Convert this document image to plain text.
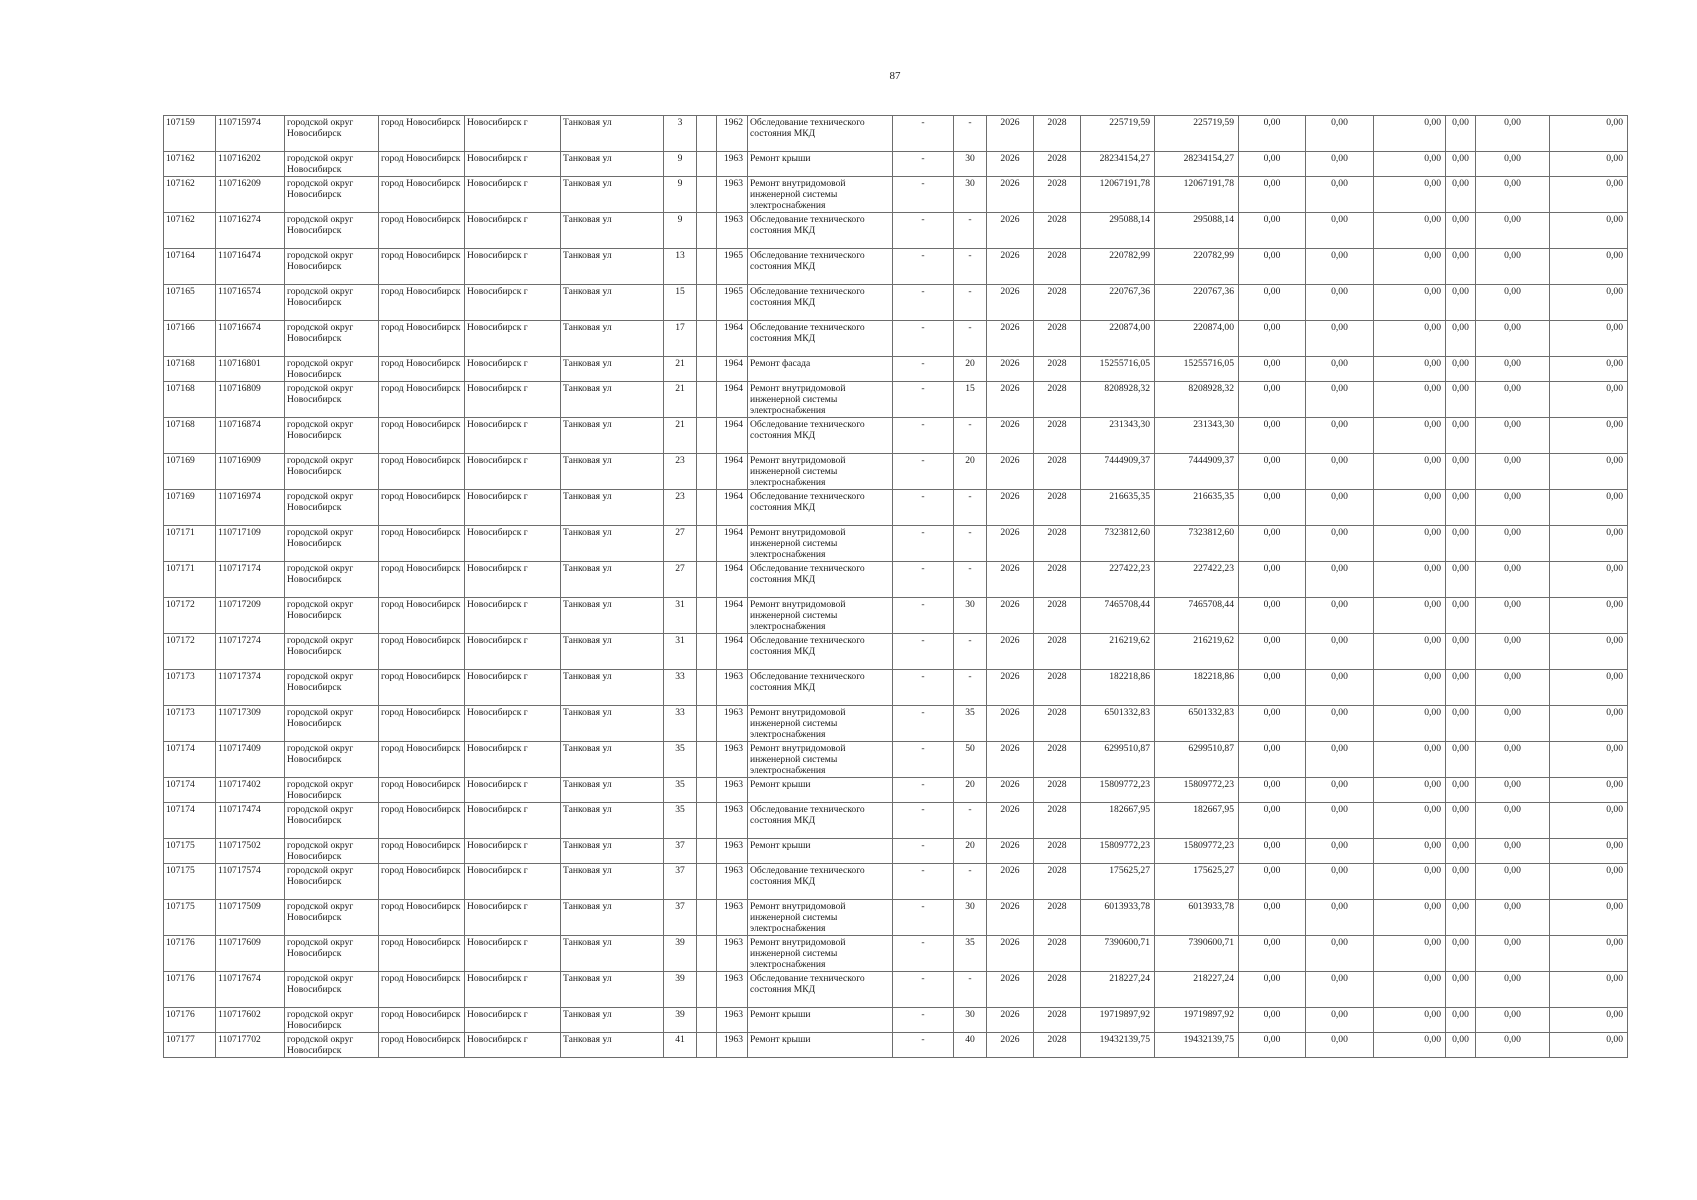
87
107159	110715974	городской округ Новосибирск	город Новосибирск	Новосибирск г	Танковая ул	3		1962	Обследование технического состояния МКД	-	-	2026	2028	225719,59	225719,59	0,00	0,00	0,00	0,00	0,00	0,00
107162	110716202	городской округ Новосибирск	город Новосибирск	Новосибирск г	Танковая ул	9		1963	Ремонт крыши	-	30	2026	2028	28234154,27	28234154,27	0,00	0,00	0,00	0,00	0,00	0,00
107162	110716209	городской округ Новосибирск	город Новосибирск	Новосибирск г	Танковая ул	9		1963	Ремонт внутридомовой инженерной системы электроснабжения	-	30	2026	2028	12067191,78	12067191,78	0,00	0,00	0,00	0,00	0,00	0,00
107162	110716274	городской округ Новосибирск	город Новосибирск	Новосибирск г	Танковая ул	9		1963	Обследование технического состояния МКД	-	-	2026	2028	295088,14	295088,14	0,00	0,00	0,00	0,00	0,00	0,00
107164	110716474	городской округ Новосибирск	город Новосибирск	Новосибирск г	Танковая ул	13		1965	Обследование технического состояния МКД	-	-	2026	2028	220782,99	220782,99	0,00	0,00	0,00	0,00	0,00	0,00
107165	110716574	городской округ Новосибирск	город Новосибирск	Новосибирск г	Танковая ул	15		1965	Обследование технического состояния МКД	-	-	2026	2028	220767,36	220767,36	0,00	0,00	0,00	0,00	0,00	0,00
107166	110716674	городской округ Новосибирск	город Новосибирск	Новосибирск г	Танковая ул	17		1964	Обследование технического состояния МКД	-	-	2026	2028	220874,00	220874,00	0,00	0,00	0,00	0,00	0,00	0,00
107168	110716801	городской округ Новосибирск	город Новосибирск	Новосибирск г	Танковая ул	21		1964	Ремонт фасада	-	20	2026	2028	15255716,05	15255716,05	0,00	0,00	0,00	0,00	0,00	0,00
107168	110716809	городской округ Новосибирск	город Новосибирск	Новосибирск г	Танковая ул	21		1964	Ремонт внутридомовой инженерной системы электроснабжения	-	15	2026	2028	8208928,32	8208928,32	0,00	0,00	0,00	0,00	0,00	0,00
107168	110716874	городской округ Новосибирск	город Новосибирск	Новосибирск г	Танковая ул	21		1964	Обследование технического состояния МКД	-	-	2026	2028	231343,30	231343,30	0,00	0,00	0,00	0,00	0,00	0,00
107169	110716909	городской округ Новосибирск	город Новосибирск	Новосибирск г	Танковая ул	23		1964	Ремонт внутридомовой инженерной системы электроснабжения	-	20	2026	2028	7444909,37	7444909,37	0,00	0,00	0,00	0,00	0,00	0,00
107169	110716974	городской округ Новосибирск	город Новосибирск	Новосибирск г	Танковая ул	23		1964	Обследование технического состояния МКД	-	-	2026	2028	216635,35	216635,35	0,00	0,00	0,00	0,00	0,00	0,00
107171	110717109	городской округ Новосибирск	город Новосибирск	Новосибирск г	Танковая ул	27		1964	Ремонт внутридомовой инженерной системы электроснабжения	-	-	2026	2028	7323812,60	7323812,60	0,00	0,00	0,00	0,00	0,00	0,00
107171	110717174	городской округ Новосибирск	город Новосибирск	Новосибирск г	Танковая ул	27		1964	Обследование технического состояния МКД	-	-	2026	2028	227422,23	227422,23	0,00	0,00	0,00	0,00	0,00	0,00
107172	110717209	городской округ Новосибирск	город Новосибирск	Новосибирск г	Танковая ул	31		1964	Ремонт внутридомовой инженерной системы электроснабжения	-	30	2026	2028	7465708,44	7465708,44	0,00	0,00	0,00	0,00	0,00	0,00
107172	110717274	городской округ Новосибирск	город Новосибирск	Новосибирск г	Танковая ул	31		1964	Обследование технического состояния МКД	-	-	2026	2028	216219,62	216219,62	0,00	0,00	0,00	0,00	0,00	0,00
107173	110717374	городской округ Новосибирск	город Новосибирск	Новосибирск г	Танковая ул	33		1963	Обследование технического состояния МКД	-	-	2026	2028	182218,86	182218,86	0,00	0,00	0,00	0,00	0,00	0,00
107173	110717309	городской округ Новосибирск	город Новосибирск	Новосибирск г	Танковая ул	33		1963	Ремонт внутридомовой инженерной системы электроснабжения	-	35	2026	2028	6501332,83	6501332,83	0,00	0,00	0,00	0,00	0,00	0,00
107174	110717409	городской округ Новосибирск	город Новосибирск	Новосибирск г	Танковая ул	35		1963	Ремонт внутридомовой инженерной системы электроснабжения	-	50	2026	2028	6299510,87	6299510,87	0,00	0,00	0,00	0,00	0,00	0,00
107174	110717402	городской округ Новосибирск	город Новосибирск	Новосибирск г	Танковая ул	35		1963	Ремонт крыши	-	20	2026	2028	15809772,23	15809772,23	0,00	0,00	0,00	0,00	0,00	0,00
107174	110717474	городской округ Новосибирск	город Новосибирск	Новосибирск г	Танковая ул	35		1963	Обследование технического состояния МКД	-	-	2026	2028	182667,95	182667,95	0,00	0,00	0,00	0,00	0,00	0,00
107175	110717502	городской округ Новосибирск	город Новосибирск	Новосибирск г	Танковая ул	37		1963	Ремонт крыши	-	20	2026	2028	15809772,23	15809772,23	0,00	0,00	0,00	0,00	0,00	0,00
107175	110717574	городской округ Новосибирск	город Новосибирск	Новосибирск г	Танковая ул	37		1963	Обследование технического состояния МКД	-	-	2026	2028	175625,27	175625,27	0,00	0,00	0,00	0,00	0,00	0,00
107175	110717509	городской округ Новосибирск	город Новосибирск	Новосибирск г	Танковая ул	37		1963	Ремонт внутридомовой инженерной системы электроснабжения	-	30	2026	2028	6013933,78	6013933,78	0,00	0,00	0,00	0,00	0,00	0,00
107176	110717609	городской округ Новосибирск	город Новосибирск	Новосибирск г	Танковая ул	39		1963	Ремонт внутридомовой инженерной системы электроснабжения	-	35	2026	2028	7390600,71	7390600,71	0,00	0,00	0,00	0,00	0,00	0,00
107176	110717674	городской округ Новосибирск	город Новосибирск	Новосибирск г	Танковая ул	39		1963	Обследование технического состояния МКД	-	-	2026	2028	218227,24	218227,24	0,00	0,00	0,00	0,00	0,00	0,00
107176	110717602	городской округ Новосибирск	город Новосибирск	Новосибирск г	Танковая ул	39		1963	Ремонт крыши	-	30	2026	2028	19719897,92	19719897,92	0,00	0,00	0,00	0,00	0,00	0,00
107177	110717702	городской округ Новосибирск	город Новосибирск	Новосибирск г	Танковая ул	41		1963	Ремонт крыши	-	40	2026	2028	19432139,75	19432139,75	0,00	0,00	0,00	0,00	0,00	0,00
